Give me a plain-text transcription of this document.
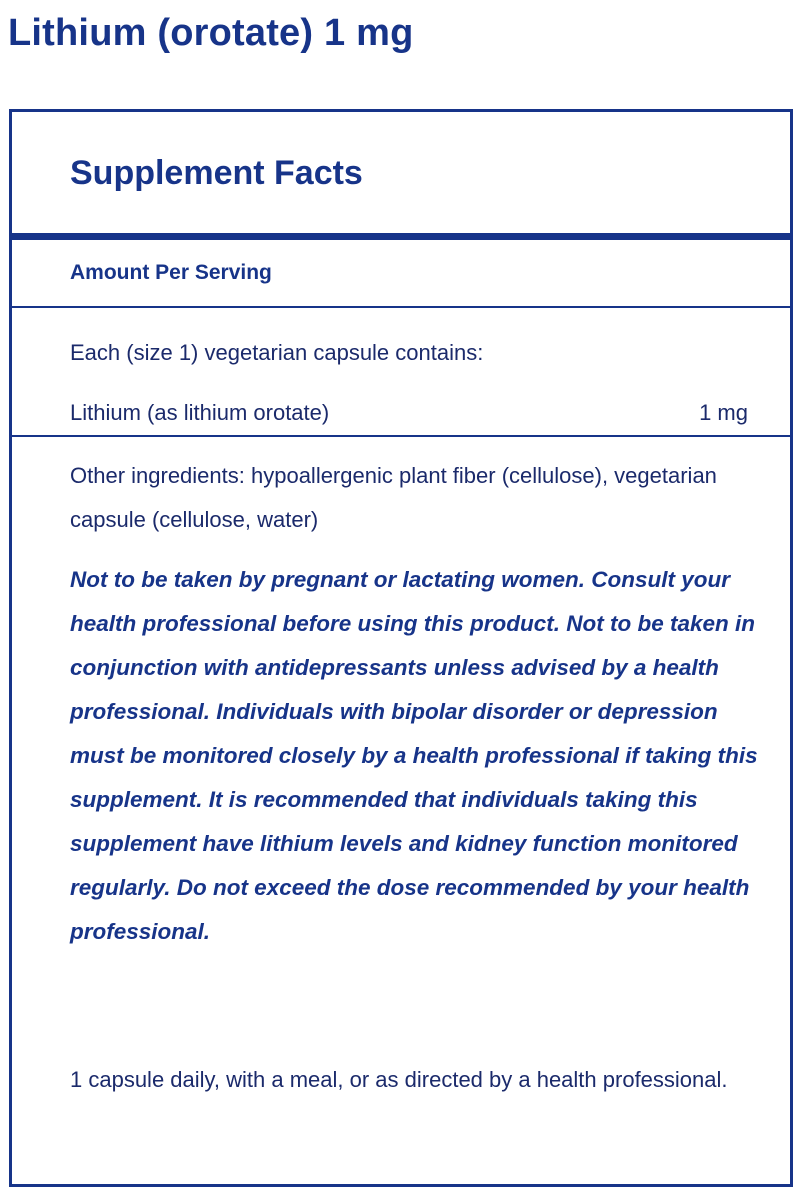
Lithium (orotate) 1 mg
Supplement Facts
Amount Per Serving
Each (size 1) vegetarian capsule contains:
Lithium (as lithium orotate)	1 mg
Other ingredients: hypoallergenic plant fiber (cellulose), vegetarian capsule (cellulose, water)
Not to be taken by pregnant or lactating women. Consult your health professional before using this product. Not to be taken in conjunction with antidepressants unless advised by a health professional. Individuals with bipolar disorder or depression must be monitored closely by a health professional if taking this supplement. It is recommended that individuals taking this supplement have lithium levels and kidney function monitored regularly. Do not exceed the dose recommended by your health professional.
1 capsule daily, with a meal, or as directed by a health professional.
